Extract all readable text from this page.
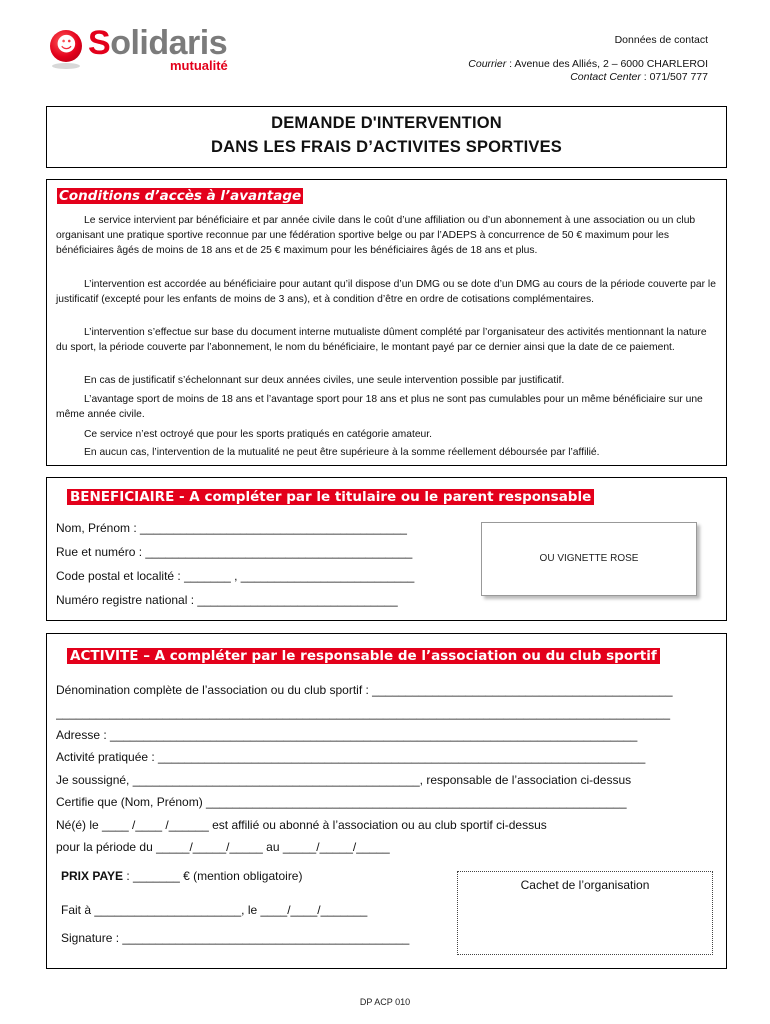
☻ Solidaris
mutualité
Données de contact
Courrier : Avenue des Alliés, 2 – 6000 CHARLEROI
Contact Center : 071/507 777
DEMANDE D'INTERVENTION
DANS LES FRAIS D’ACTIVITES SPORTIVES
Conditions d’accès à l’avantage
Le service intervient par bénéficiaire et par année civile dans le coût d’une affiliation ou d’un abonnement à une association ou un club organisant une pratique sportive reconnue par une fédération sportive belge ou par l’ADEPS à concurrence de 50 € maximum pour les bénéficiaires âgés de moins de 18 ans et de 25 € maximum pour les bénéficiaires âgés de 18 ans et plus.
L’intervention est accordée au bénéficiaire pour autant qu’il dispose d’un DMG ou se dote d’un DMG au cours de la période couverte par le justificatif (excepté pour les enfants de moins de 3 ans), et à condition d’être en ordre de cotisations complémentaires.
L’intervention s’effectue sur base du document interne mutualiste dûment complété par l’organisateur des activités mentionnant la nature du sport, la période couverte par l’abonnement, le nom du bénéficiaire, le montant payé par ce dernier ainsi que la date de ce paiement.
En cas de justificatif s’échelonnant sur deux années civiles, une seule intervention possible par justificatif.
L’avantage sport de moins de 18 ans et l’avantage sport pour 18 ans et plus ne sont pas cumulables pour un même bénéficiaire sur une même année civile.
Ce service n’est octroyé que pour les sports pratiqués en catégorie amateur.
En aucun cas, l’intervention de la mutualité ne peut être supérieure à la somme réellement déboursée par l’affilié.
BENEFICIAIRE - A compléter par le titulaire ou le parent responsable
Nom, Prénom : ________________________________________
Rue et numéro : ________________________________________
Code postal et localité : _______ , __________________________
Numéro registre national : ______________________________
OU VIGNETTE ROSE
ACTIVITE – A compléter par le responsable de l’association ou du club sportif
Dénomination complète de l’association ou du club sportif : _____________________________________________
____________________________________________________________________________________________
Adresse : _______________________________________________________________________________
Activité pratiquée : _________________________________________________________________________
Je soussigné, ___________________________________________, responsable de l’association ci-dessus
Certifie que (Nom, Prénom) _______________________________________________________________
Né(é) le ____ /____ /______ est affilié ou abonné à l’association ou au club sportif ci-dessus
pour la période du _____/_____/_____ au _____/_____/_____
PRIX PAYE : _______ € (mention obligatoire)
Fait à ______________________, le ____/____/_______
Signature : ___________________________________________
Cachet de l’organisation
DP ACP 010
